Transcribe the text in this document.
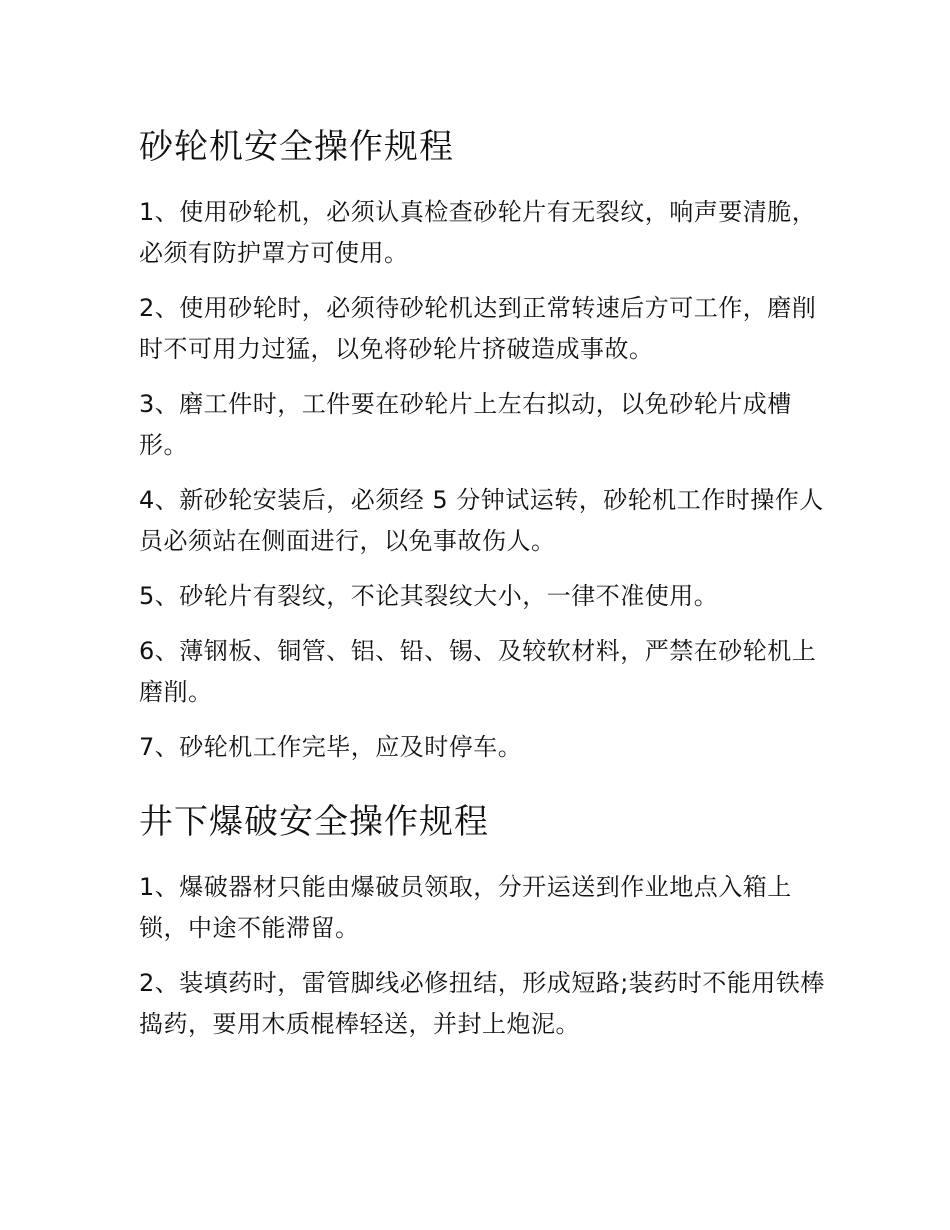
砂轮机安全操作规程

1、使用砂轮机，必须认真检查砂轮片有无裂纹，响声要清脆，必须有防护罩方可使用。

2、使用砂轮时，必须待砂轮机达到正常转速后方可工作，磨削时不可用力过猛，以免将砂轮片挤破造成事故。

3、磨工件时，工件要在砂轮片上左右拟动，以免砂轮片成槽形。

4、新砂轮安装后，必须经 5 分钟试运转，砂轮机工作时操作人员必须站在侧面进行，以免事故伤人。

5、砂轮片有裂纹，不论其裂纹大小，一律不准使用。

6、薄钢板、铜管、铝、铅、锡、及较软材料，严禁在砂轮机上磨削。

7、砂轮机工作完毕，应及时停车。

井下爆破安全操作规程

1、爆破器材只能由爆破员领取，分开运送到作业地点入箱上锁，中途不能滞留。

2、装填药时，雷管脚线必修扭结，形成短路;装药时不能用铁棒捣药，要用木质棍棒轻送，并封上炮泥。
